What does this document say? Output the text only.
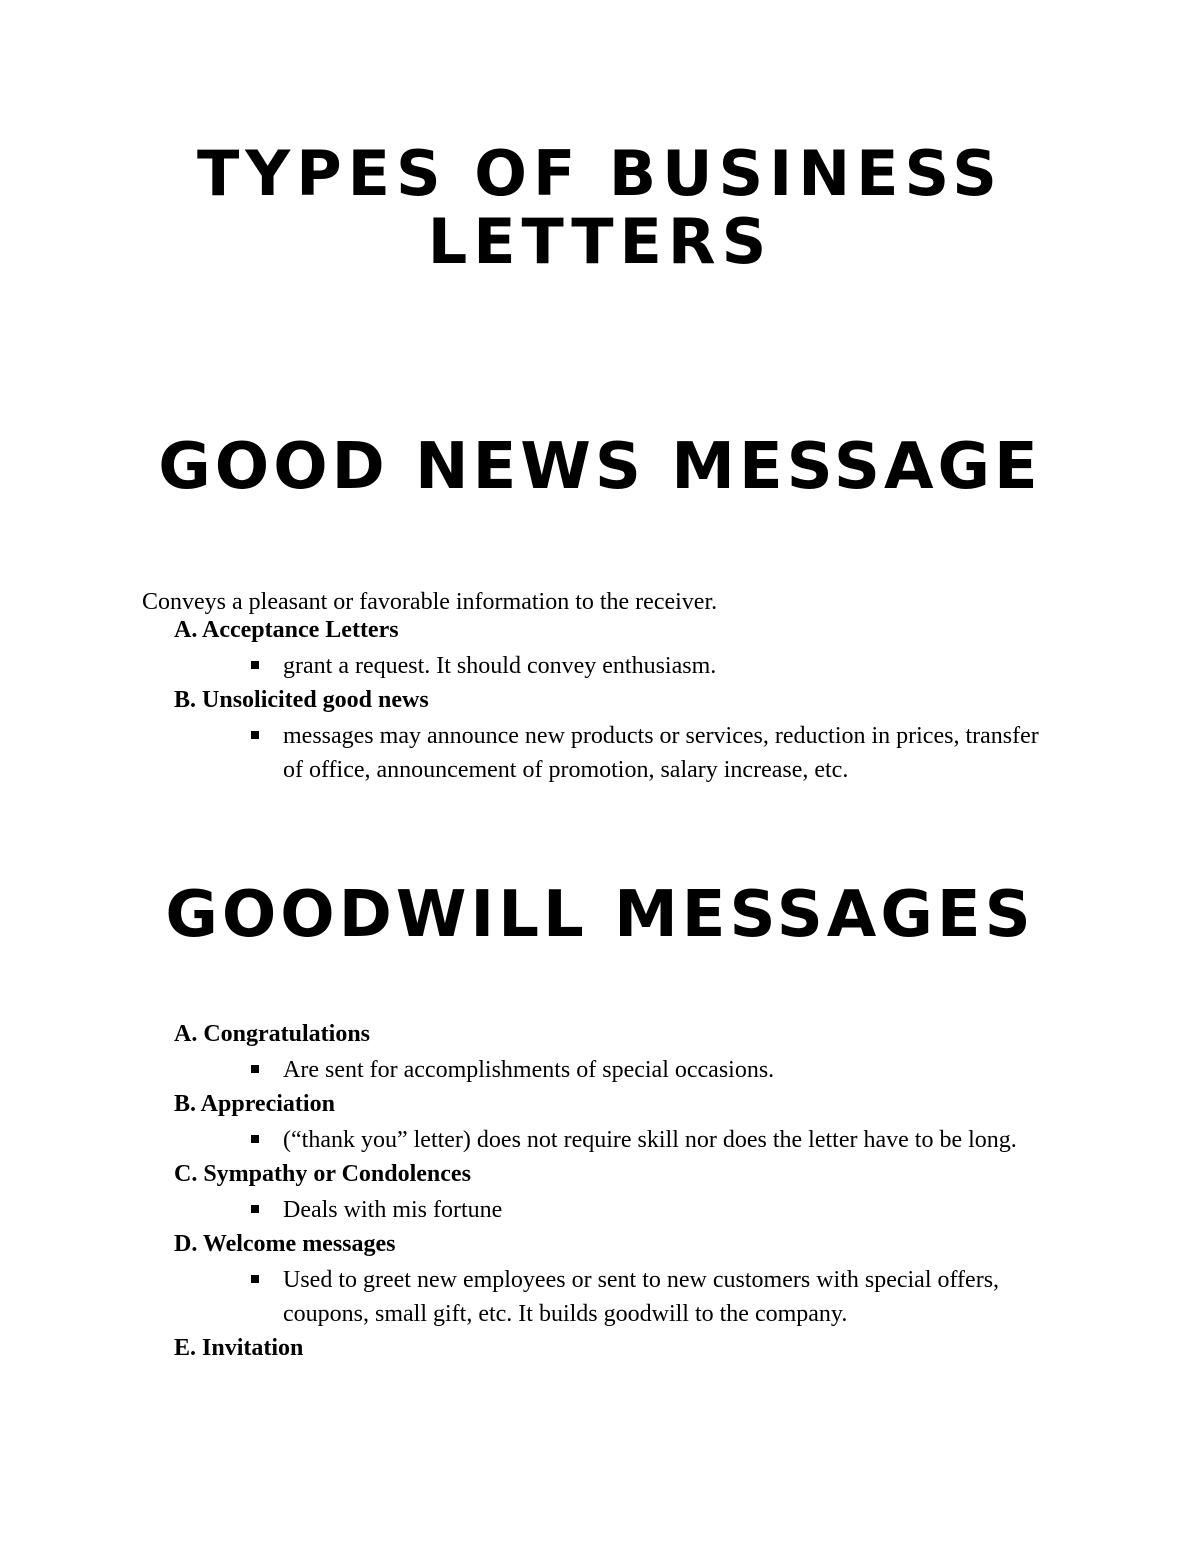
TYPES OF BUSINESS
LETTERS
GOOD NEWS MESSAGE

Conveys a pleasant or favorable information to the receiver.

A. Acceptance Letters
grant a request. It should convey enthusiasm.
B. Unsolicited good news
messages may announce new products or services, reduction in prices, transfer of office, announcement of promotion, salary increase, etc.
GOODWILL MESSAGES
A. Congratulations
Are sent for accomplishments of special occasions.
B. Appreciation
(“thank you” letter) does not require skill nor does the letter have to be long.
C. Sympathy or Condolences
Deals with mis fortune
D. Welcome messages
Used to greet new employees or sent to new customers with special offers, coupons, small gift, etc. It builds goodwill to the company.
E. Invitation
